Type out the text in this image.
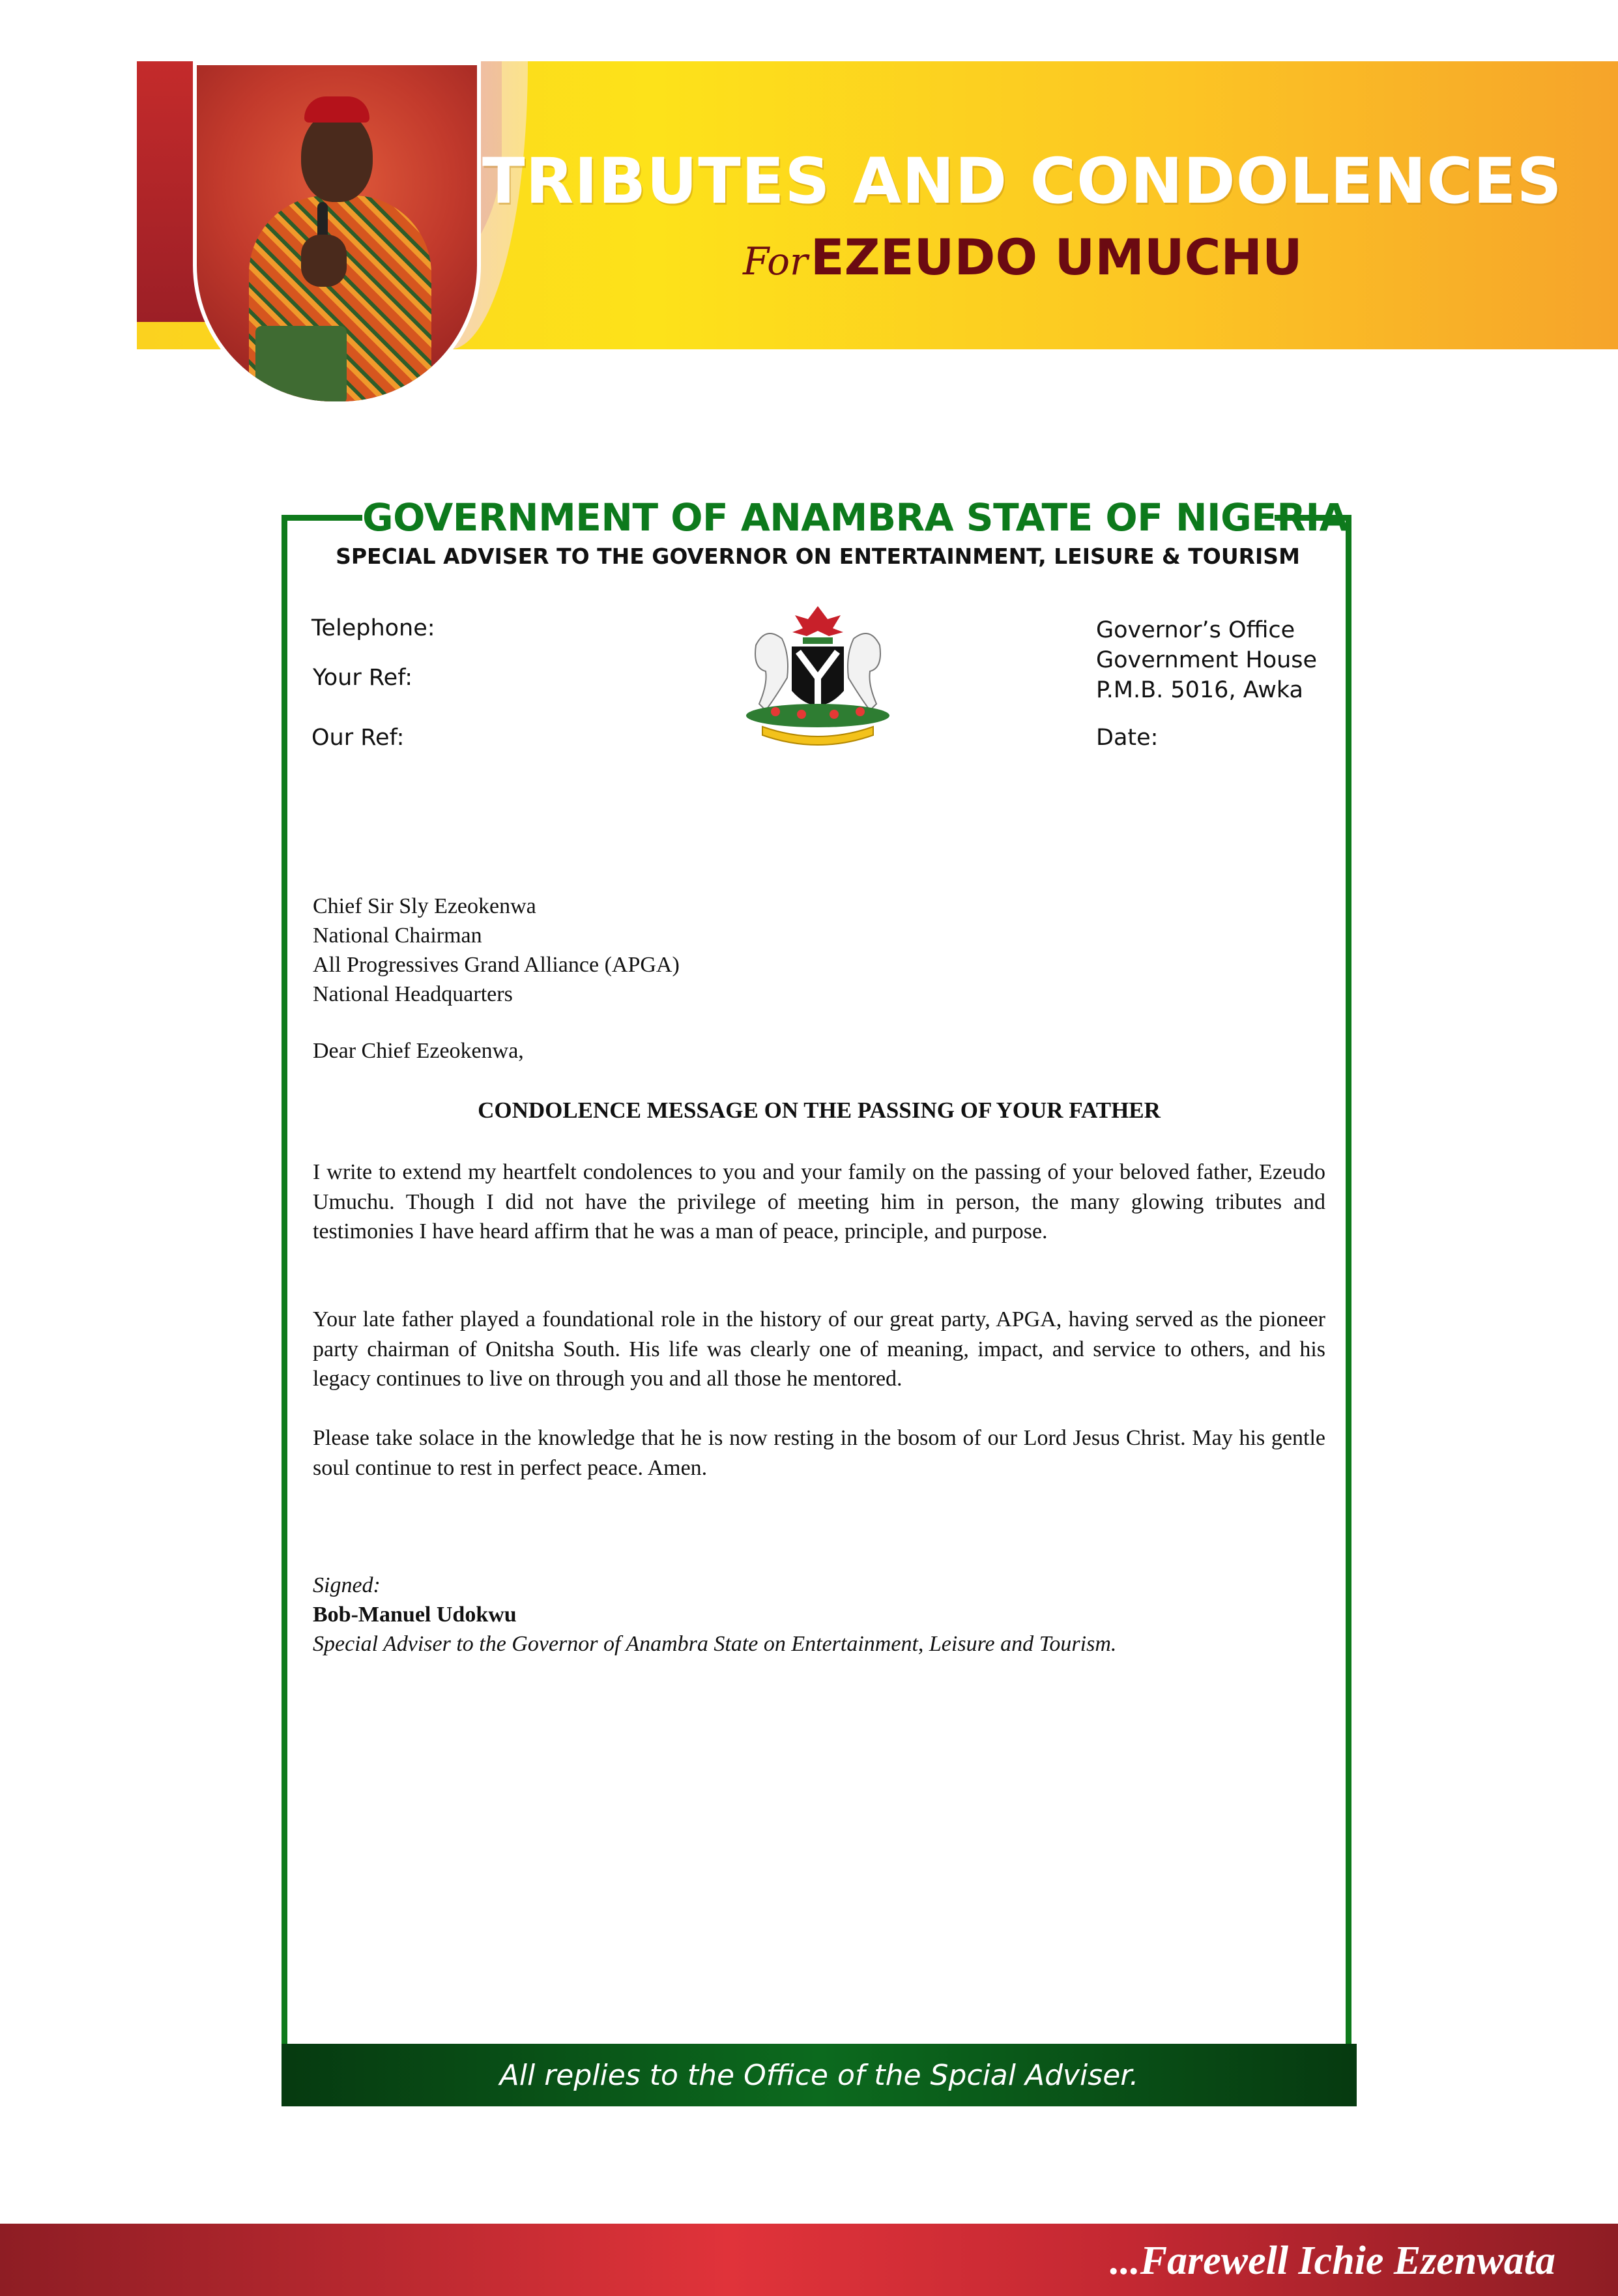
TRIBUTES AND CONDOLENCES
For EZEUDO UMUCHU
GOVERNMENT OF ANAMBRA STATE OF NIGERIA
SPECIAL ADVISER TO THE GOVERNOR ON ENTERTAINMENT, LEISURE & TOURISM
Telephone:
Your Ref:
Our Ref:
Governor’s Office
Government House
P.M.B. 5016, Awka
Date:
Chief Sir Sly Ezeokenwa
National Chairman
All Progressives Grand Alliance (APGA)
National Headquarters
Dear Chief Ezeokenwa,
CONDOLENCE MESSAGE ON THE PASSING OF YOUR FATHER
I write to extend my heartfelt condolences to you and your family on the passing of your beloved father, Ezeudo Umuchu. Though I did not have the privilege of meeting him in person, the many glowing tributes and testimonies I have heard affirm that he was a man of peace, principle, and purpose.
Your late father played a foundational role in the history of our great party, APGA, having served as the pioneer party chairman of Onitsha South. His life was clearly one of meaning, impact, and service to others, and his legacy continues to live on through you and all those he mentored.
Please take solace in the knowledge that he is now resting in the bosom of our Lord Jesus Christ. May his gentle soul continue to rest in perfect peace. Amen.
Signed:
Bob-Manuel Udokwu
Special Adviser to the Governor of Anambra State on Entertainment, Leisure and Tourism.
All replies to the Office of the Spcial Adviser.
...Farewell Ichie Ezenwata
